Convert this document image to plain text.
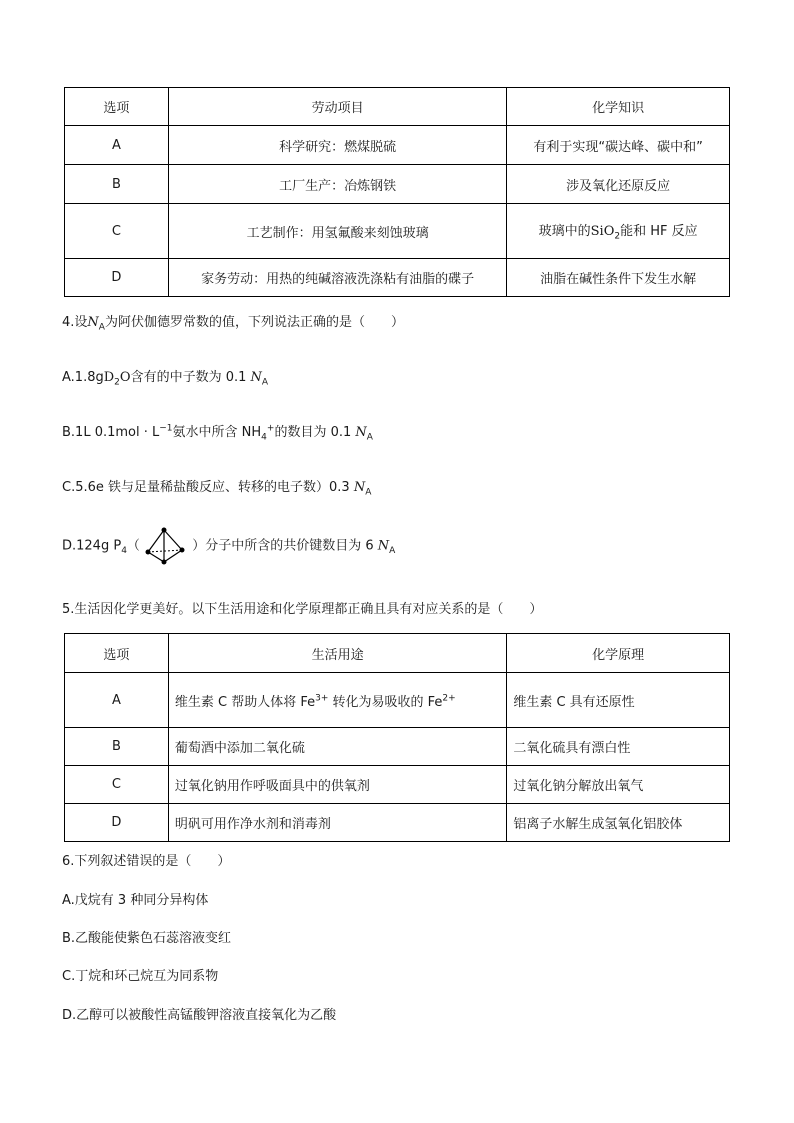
选项	劳动项目	化学知识
A	科学研究：燃煤脱硫	有利于实现“碳达峰、碳中和”
B	工厂生产：冶炼钢铁	涉及氧化还原反应
C	工艺制作：用氢氟酸来刻蚀玻璃	玻璃中的SiO$_2$能和 HF 反应
D	家务劳动：用热的纯碱溶液洗涤粘有油脂的碟子	油脂在碱性条件下发生水解

4.设$N_A$为阿伏伽德罗常数的值，下列说法正确的是（　　）

$A.1.8gD_2O$含有的中子数为 0.1 $N_A$

B.1L $0.1mol \cdot L^{-1}$氨水中所含 $NH_4^+$的数目为 0.1 $N_A$

C.5.6e 铁与足量稀盐酸反应、转移的电子数）0.3 $N_A$

D.124g $P_4$（	）分子中所含的共价键数目为 6 $N_A$

5.生活因化学更美好。以下生活用途和化学原理都正确且具有对应关系的是（　　）

选项	生活用途	化学原理
A	维生素 C 帮助人体将 $Fe^{3+}$ 转化为易吸收的 $Fe^{2+}$	维生素 C 具有还原性
B	葡萄酒中添加二氧化硫	二氧化硫具有漂白性
C	过氧化钠用作呼吸面具中的供氧剂	过氧化钠分解放出氧气
D	明矾可用作净水剂和消毒剂	铝离子水解生成氢氧化铝胶体

6.下列叙述错误的是（　　）

A.戊烷有 3 种同分异构体

B.乙酸能使紫色石蕊溶液变红

C.丁烷和环己烷互为同系物

D.乙醇可以被酸性高锰酸钾溶液直接氧化为乙酸
